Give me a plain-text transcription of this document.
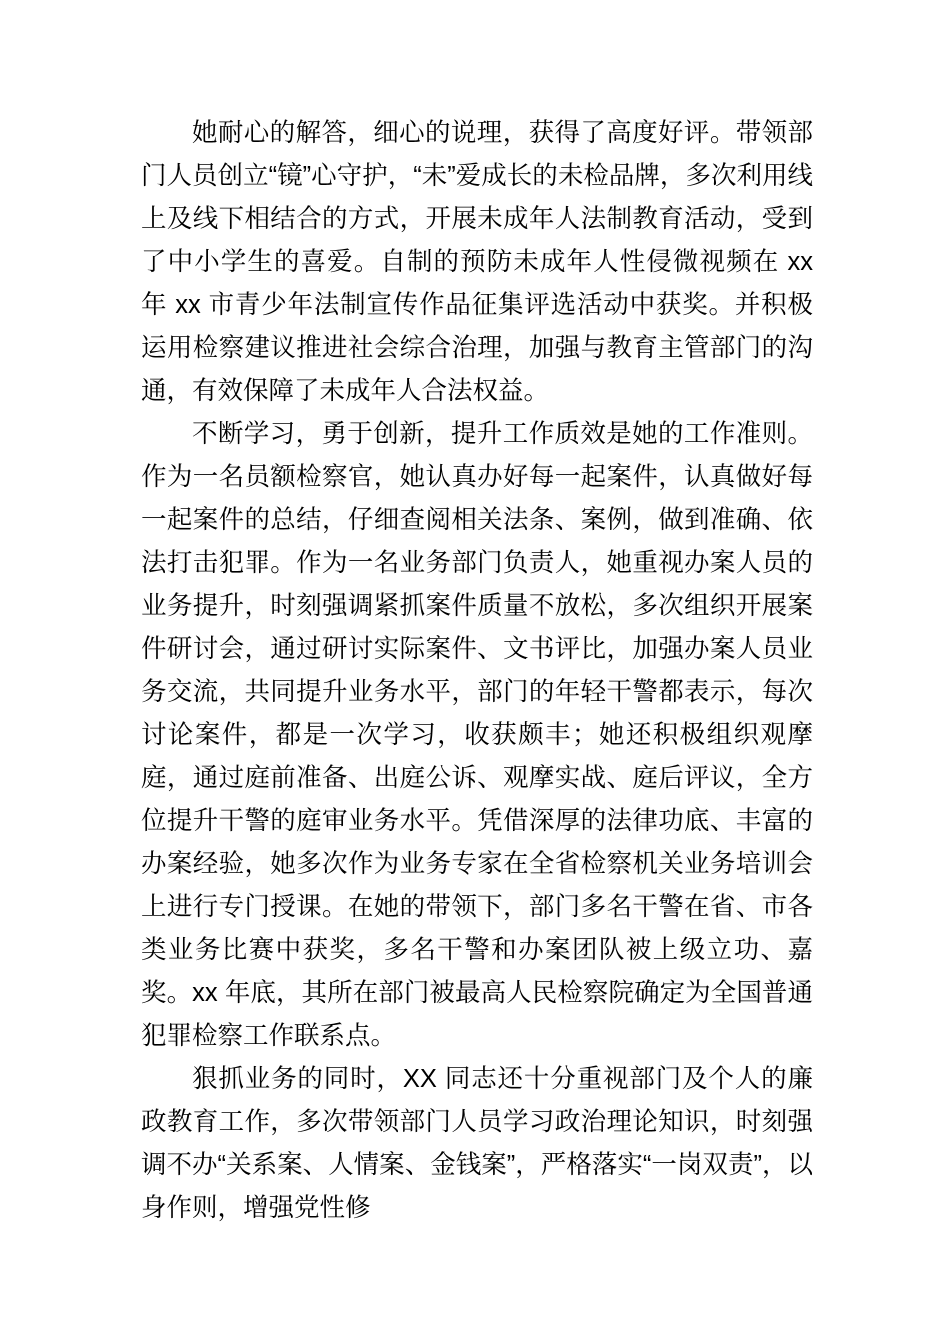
她耐心的解答，细心的说理，获得了高度好评。带领部门人员创立“镜”心守护，“未”爱成长的未检品牌，多次利用线上及线下相结合的方式，开展未成年人法制教育活动，受到了中小学生的喜爱。自制的预防未成年人性侵微视频在 xx 年 xx 市青少年法制宣传作品征集评选活动中获奖。并积极运用检察建议推进社会综合治理，加强与教育主管部门的沟通，有效保障了未成年人合法权益。

不断学习，勇于创新，提升工作质效是她的工作准则。作为一名员额检察官，她认真办好每一起案件，认真做好每一起案件的总结，仔细查阅相关法条、案例，做到准确、依法打击犯罪。作为一名业务部门负责人，她重视办案人员的业务提升，时刻强调紧抓案件质量不放松，多次组织开展案件研讨会，通过研讨实际案件、文书评比，加强办案人员业务交流，共同提升业务水平，部门的年轻干警都表示，每次讨论案件，都是一次学习，收获颇丰；她还积极组织观摩庭，通过庭前准备、出庭公诉、观摩实战、庭后评议，全方位提升干警的庭审业务水平。凭借深厚的法律功底、丰富的办案经验，她多次作为业务专家在全省检察机关业务培训会上进行专门授课。在她的带领下，部门多名干警在省、市各类业务比赛中获奖，多名干警和办案团队被上级立功、嘉奖。xx 年底，其所在部门被最高人民检察院确定为全国普通犯罪检察工作联系点。

狠抓业务的同时，XX 同志还十分重视部门及个人的廉政教育工作，多次带领部门人员学习政治理论知识，时刻强调不办“关系案、人情案、金钱案”，严格落实“一岗双责”，以身作则，增强党性修
